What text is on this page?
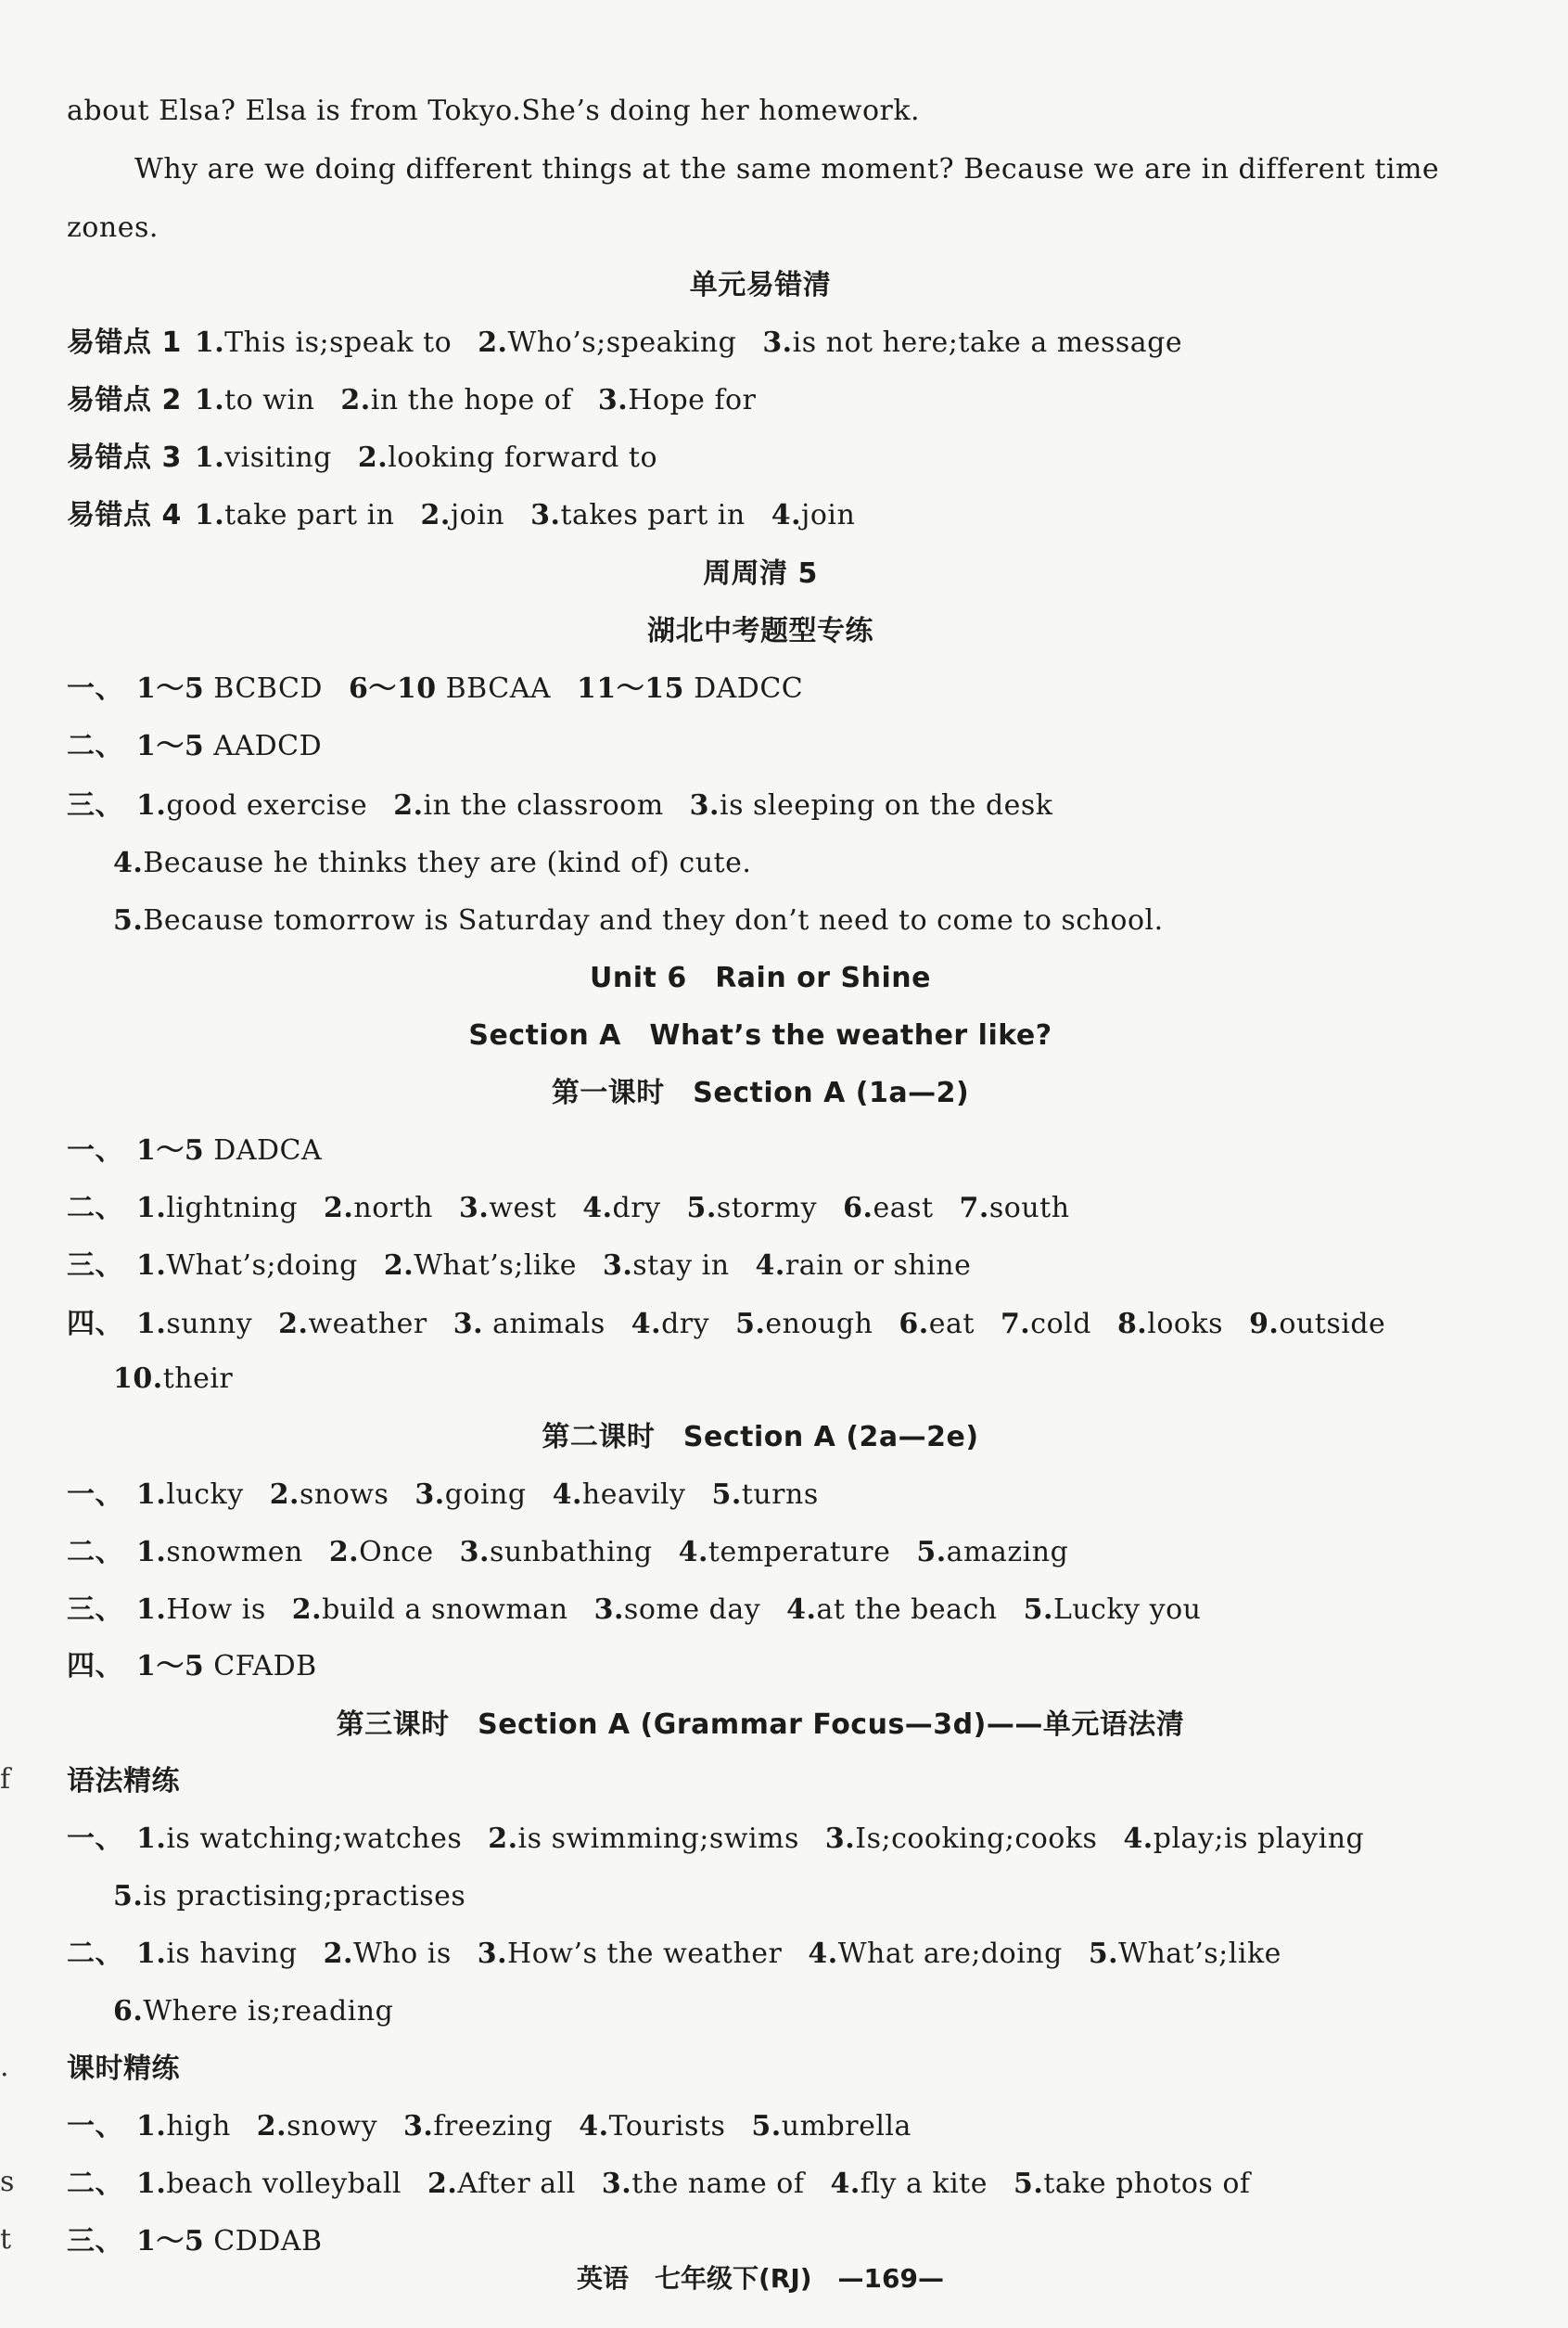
about Elsa? Elsa is from Tokyo.She’s doing her homework.
Why are we doing different things at the same moment? Because we are in different time
zones.
单元易错清
易错点 1 1.This is;speak to 2.Who’s;speaking 3.is not here;take a message
易错点 2 1.to win 2.in the hope of 3.Hope for
易错点 3 1.visiting 2.looking forward to
易错点 4 1.take part in 2.join 3.takes part in 4.join
周周清 5
湖北中考题型专练
一、 1～5 BCBCD 6～10 BBCAA 11～15 DADCC
二、 1～5 AADCD
三、 1.good exercise 2.in the classroom 3.is sleeping on the desk
4.Because he thinks they are (kind of) cute.
5.Because tomorrow is Saturday and they don’t need to come to school.
Unit 6　Rain or Shine
Section A　What’s the weather like?
第一课时　Section A (1a—2)
一、 1～5 DADCA
二、 1.lightning 2.north 3.west 4.dry 5.stormy 6.east 7.south
三、 1.What’s;doing 2.What’s;like 3.stay in 4.rain or shine
四、 1.sunny 2.weather 3. animals 4.dry 5.enough 6.eat 7.cold 8.looks 9.outside
10.their
第二课时　Section A (2a—2e)
一、 1.lucky 2.snows 3.going 4.heavily 5.turns
二、 1.snowmen 2.Once 3.sunbathing 4.temperature 5.amazing
三、 1.How is 2.build a snowman 3.some day 4.at the beach 5.Lucky you
四、 1～5 CFADB
第三课时　Section A (Grammar Focus—3d)——单元语法清
语法精练
一、 1.is watching;watches 2.is swimming;swims 3.Is;cooking;cooks 4.play;is playing
5.is practising;practises
二、 1.is having 2.Who is 3.How’s the weather 4.What are;doing 5.What’s;like
6.Where is;reading
课时精练
一、 1.high 2.snowy 3.freezing 4.Tourists 5.umbrella
二、 1.beach volleyball 2.After all 3.the name of 4.fly a kite 5.take photos of
三、 1～5 CDDAB
f
.
s
t
英语　七年级下(RJ)　—169—
